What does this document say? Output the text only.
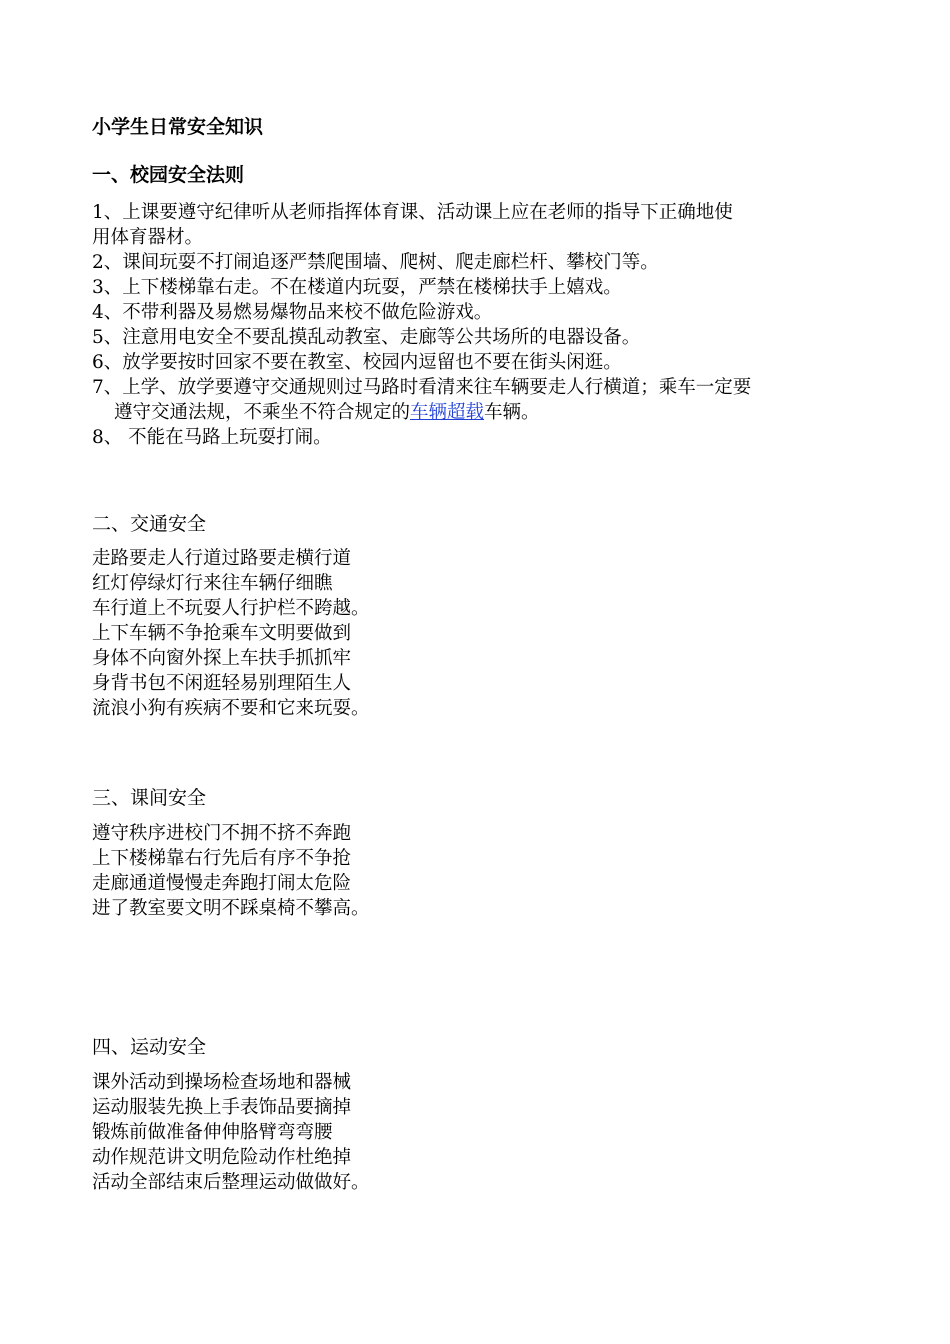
小学生日常安全知识
一、校园安全法则
1、上课要遵守纪律听从老师指挥体育课、活动课上应在老师的指导下正确地使
用体育器材。
2、课间玩耍不打闹追逐严禁爬围墙、爬树、爬走廊栏杆、攀校门等。
3、上下楼梯靠右走。不在楼道内玩耍，严禁在楼梯扶手上嬉戏。
4、不带利器及易燃易爆物品来校不做危险游戏。
5、注意用电安全不要乱摸乱动教室、走廊等公共场所的电器设备。
6、放学要按时回家不要在教室、校园内逗留也不要在街头闲逛。
7、上学、放学要遵守交通规则过马路时看清来往车辆要走人行横道；乘车一定要
遵守交通法规，不乘坐不符合规定的车辆超载车辆。
8、 不能在马路上玩耍打闹。
二、交通安全
走路要走人行道过路要走横行道
红灯停绿灯行来往车辆仔细瞧
车行道上不玩耍人行护栏不跨越。
上下车辆不争抢乘车文明要做到
身体不向窗外探上车扶手抓抓牢
身背书包不闲逛轻易别理陌生人
流浪小狗有疾病不要和它来玩耍。
三、课间安全
遵守秩序进校门不拥不挤不奔跑
上下楼梯靠右行先后有序不争抢
走廊通道慢慢走奔跑打闹太危险
进了教室要文明不踩桌椅不攀高。
四、运动安全
课外活动到操场检查场地和器械
运动服装先换上手表饰品要摘掉
锻炼前做准备伸伸胳臂弯弯腰
动作规范讲文明危险动作杜绝掉
活动全部结束后整理运动做做好。
